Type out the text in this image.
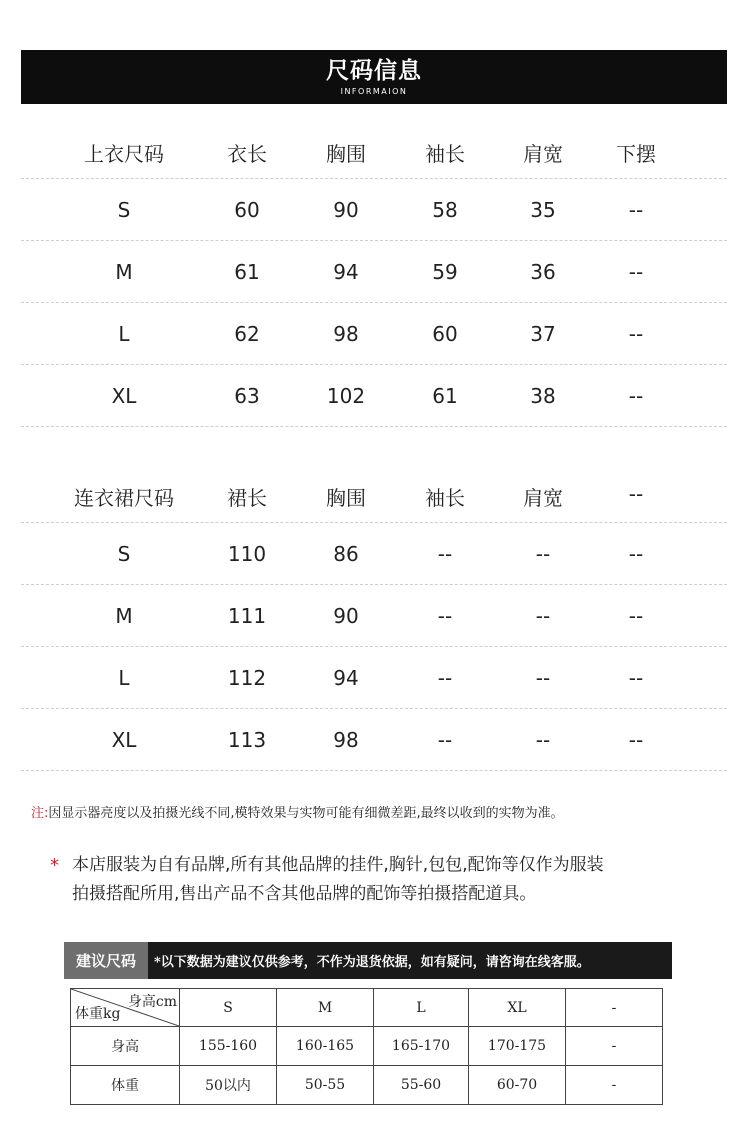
尺码信息
INFORMAION
上衣尺码	衣长	胸围	袖长	肩宽	下摆
S	60	90	58	35	--
M	61	94	59	36	--
L	62	98	60	37	--
XL	63	102	61	38	--
连衣裙尺码	裙长	胸围	袖长	肩宽	--
S	110	86	--	--	--
M	111	90	--	--	--
L	112	94	--	--	--
XL	113	98	--	--	--
注:因显示器亮度以及拍摄光线不同,模特效果与实物可能有细微差距,最终以收到的实物为准。
* 本店服装为自有品牌,所有其他品牌的挂件,胸针,包包,配饰等仅作为服装
拍摄搭配所用,售出产品不含其他品牌的配饰等拍摄搭配道具。
建议尺码	*以下数据为建议仅供参考，不作为退货依据，如有疑问，请咨询在线客服。
身高cm
体重kg	S	M	L	XL	-
身高	155-160	160-165	165-170	170-175	-
体重	50以内	50-55	55-60	60-70	-
